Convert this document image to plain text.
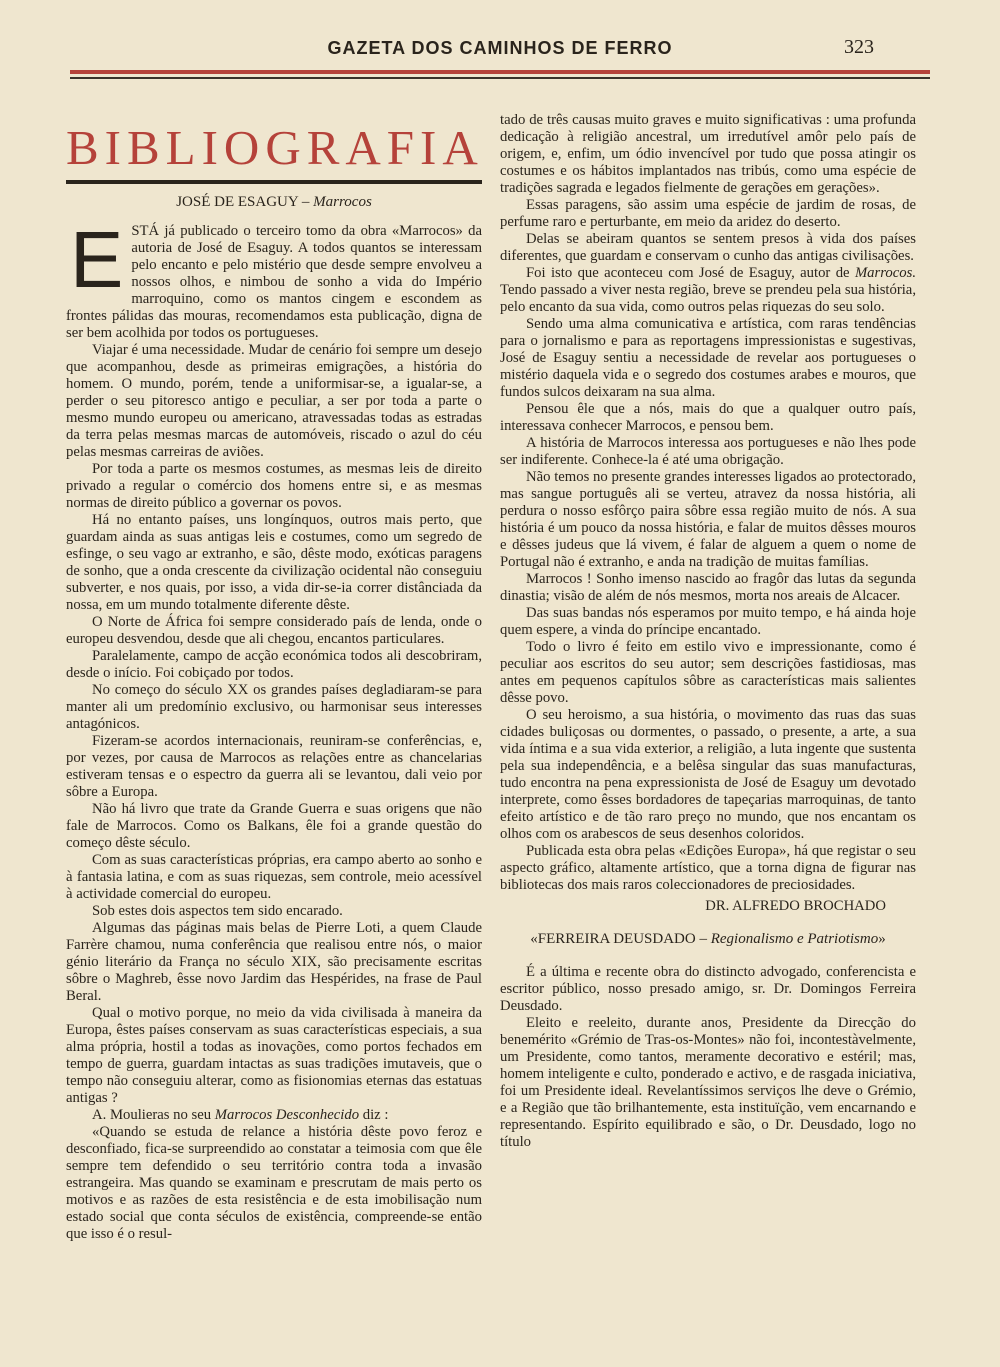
GAZETA DOS CAMINHOS DE FERRO	323
BIBLIOGRAFIA

JOSÉ DE ESAGUY – Marrocos

ESTÁ já publicado o terceiro tomo da obra «Marrocos» da autoria de José de Esaguy. A todos quantos se interessam pelo encanto e pelo mistério que desde sempre envolveu a nossos olhos, e nimbou de sonho a vida do Império marroquino, como os mantos cingem e escondem as frontes pálidas das mouras, recomendamos esta publicação, digna de ser bem acolhida por todos os portugueses.

Viajar é uma necessidade. Mudar de cenário foi sempre um desejo que acompanhou, desde as primeiras emigrações, a história do homem. O mundo, porém, tende a uniformisar-se, a igualar-se, a perder o seu pitoresco antigo e peculiar, a ser por toda a parte o mesmo mundo europeu ou americano, atravessadas todas as estradas da terra pelas mesmas marcas de automóveis, riscado o azul do céu pelas mesmas carreiras de aviões.

Por toda a parte os mesmos costumes, as mesmas leis de direito privado a regular o comércio dos homens entre si, e as mesmas normas de direito público a governar os povos.

Há no entanto países, uns longínquos, outros mais perto, que guardam ainda as suas antigas leis e costumes, como um segredo de esfinge, o seu vago ar extranho, e são, dêste modo, exóticas paragens de sonho, que a onda crescente da civilização ocidental não conseguiu subverter, e nos quais, por isso, a vida dir-se-ia correr distânciada da nossa, em um mundo totalmente diferente dêste.

O Norte de África foi sempre considerado país de lenda, onde o europeu desvendou, desde que ali chegou, encantos particulares.

Paralelamente, campo de acção económica todos ali descobriram, desde o início. Foi cobiçado por todos.

No começo do século XX os grandes países degladiaram-se para manter ali um predomínio exclusivo, ou harmonisar seus interesses antagónicos.

Fizeram-se acordos internacionais, reuniram-se conferências, e, por vezes, por causa de Marrocos as relações entre as chancelarias estiveram tensas e o espectro da guerra ali se levantou, dali veio por sôbre a Europa.

Não há livro que trate da Grande Guerra e suas origens que não fale de Marrocos. Como os Balkans, êle foi a grande questão do começo dêste século.

Com as suas características próprias, era campo aberto ao sonho e à fantasia latina, e com as suas riquezas, sem controle, meio acessível à actividade comercial do europeu.

Sob estes dois aspectos tem sido encarado.

Algumas das páginas mais belas de Pierre Loti, a quem Claude Farrère chamou, numa conferência que realisou entre nós, o maior génio literário da França no século XIX, são precisamente escritas sôbre o Maghreb, êsse novo Jardim das Hespérides, na frase de Paul Beral.

Qual o motivo porque, no meio da vida civilisada à maneira da Europa, êstes países conservam as suas características especiais, a sua alma própria, hostil a todas as inovações, como portos fechados em tempo de guerra, guardam intactas as suas tradições imutaveis, que o tempo não conseguiu alterar, como as fisionomias eternas das estatuas antigas ?

A. Moulieras no seu Marrocos Desconhecido diz :

«Quando se estuda de relance a história dêste povo feroz e desconfiado, fica-se surpreendido ao constatar a teimosia com que êle sempre tem defendido o seu território contra toda a invasão estrangeira. Mas quando se examinam e prescrutam de mais perto os motivos e as razões de esta resistência e de esta imobilisação num estado social que conta séculos de existência, compreende-se então que isso é o resul-

tado de três causas muito graves e muito significativas : uma profunda dedicação à religião ancestral, um irredutível amôr pelo país de origem, e, enfim, um ódio invencível por tudo que possa atingir os costumes e os hábitos implantados nas tribús, como uma espécie de tradições sagrada e legados fielmente de gerações em gerações».

Essas paragens, são assim uma espécie de jardim de rosas, de perfume raro e perturbante, em meio da aridez do deserto.

Delas se abeiram quantos se sentem presos à vida dos países diferentes, que guardam e conservam o cunho das antigas civilisações.

Foi isto que aconteceu com José de Esaguy, autor de Marrocos. Tendo passado a viver nesta região, breve se prendeu pela sua história, pelo encanto da sua vida, como outros pelas riquezas do seu solo.

Sendo uma alma comunicativa e artística, com raras tendências para o jornalismo e para as reportagens impressionistas e sugestivas, José de Esaguy sentiu a necessidade de revelar aos portugueses o mistério daquela vida e o segredo dos costumes arabes e mouros, que fundos sulcos deixaram na sua alma.

Pensou êle que a nós, mais do que a qualquer outro país, interessava conhecer Marrocos, e pensou bem.

A história de Marrocos interessa aos portugueses e não lhes pode ser indiferente. Conhece-la é até uma obrigação.

Não temos no presente grandes interesses ligados ao protectorado, mas sangue português ali se verteu, atravez da nossa história, ali perdura o nosso esfôrço paira sôbre essa região muito de nós. A sua história é um pouco da nossa história, e falar de muitos dêsses mouros e dêsses judeus que lá vivem, é falar de alguem a quem o nome de Portugal não é extranho, e anda na tradição de muitas famílias.

Marrocos ! Sonho imenso nascido ao fragôr das lutas da segunda dinastia; visão de além de nós mesmos, morta nos areais de Alcacer.

Das suas bandas nós esperamos por muito tempo, e há ainda hoje quem espere, a vinda do príncipe encantado.

Todo o livro é feito em estilo vivo e impressionante, como é peculiar aos escritos do seu autor; sem descrições fastidiosas, mas antes em pequenos capítulos sôbre as características mais salientes dêsse povo.

O seu heroismo, a sua história, o movimento das ruas das suas cidades buliçosas ou dormentes, o passado, o presente, a arte, a sua vida íntima e a sua vida exterior, a religião, a luta ingente que sustenta pela sua independência, e a belêsa singular das suas manufacturas, tudo encontra na pena expressionista de José de Esaguy um devotado interprete, como êsses bordadores de tapeçarias marroquinas, de tanto efeito artístico e de tão raro preço no mundo, que nos encantam os olhos com os arabescos de seus desenhos coloridos.

Publicada esta obra pelas «Edições Europa», há que registar o seu aspecto gráfico, altamente artístico, que a torna digna de figurar nas bibliotecas dos mais raros coleccionadores de preciosidades.

DR. ALFREDO BROCHADO

«FERREIRA DEUSDADO – Regionalismo e Patriotismo»

É a última e recente obra do distincto advogado, conferencista e escritor público, nosso presado amigo, sr. Dr. Domingos Ferreira Deusdado.

Eleito e reeleito, durante anos, Presidente da Direcção do benemérito «Grémio de Tras-os-Montes» não foi, incontestàvelmente, um Presidente, como tantos, meramente decorativo e estéril; mas, homem inteligente e culto, ponderado e activo, e de rasgada iniciativa, foi um Presidente ideal. Revelantíssimos serviços lhe deve o Grémio, e a Região que tão brilhantemente, esta instituïção, vem encarnando e representando. Espírito equilibrado e são, o Dr. Deusdado, logo no título
